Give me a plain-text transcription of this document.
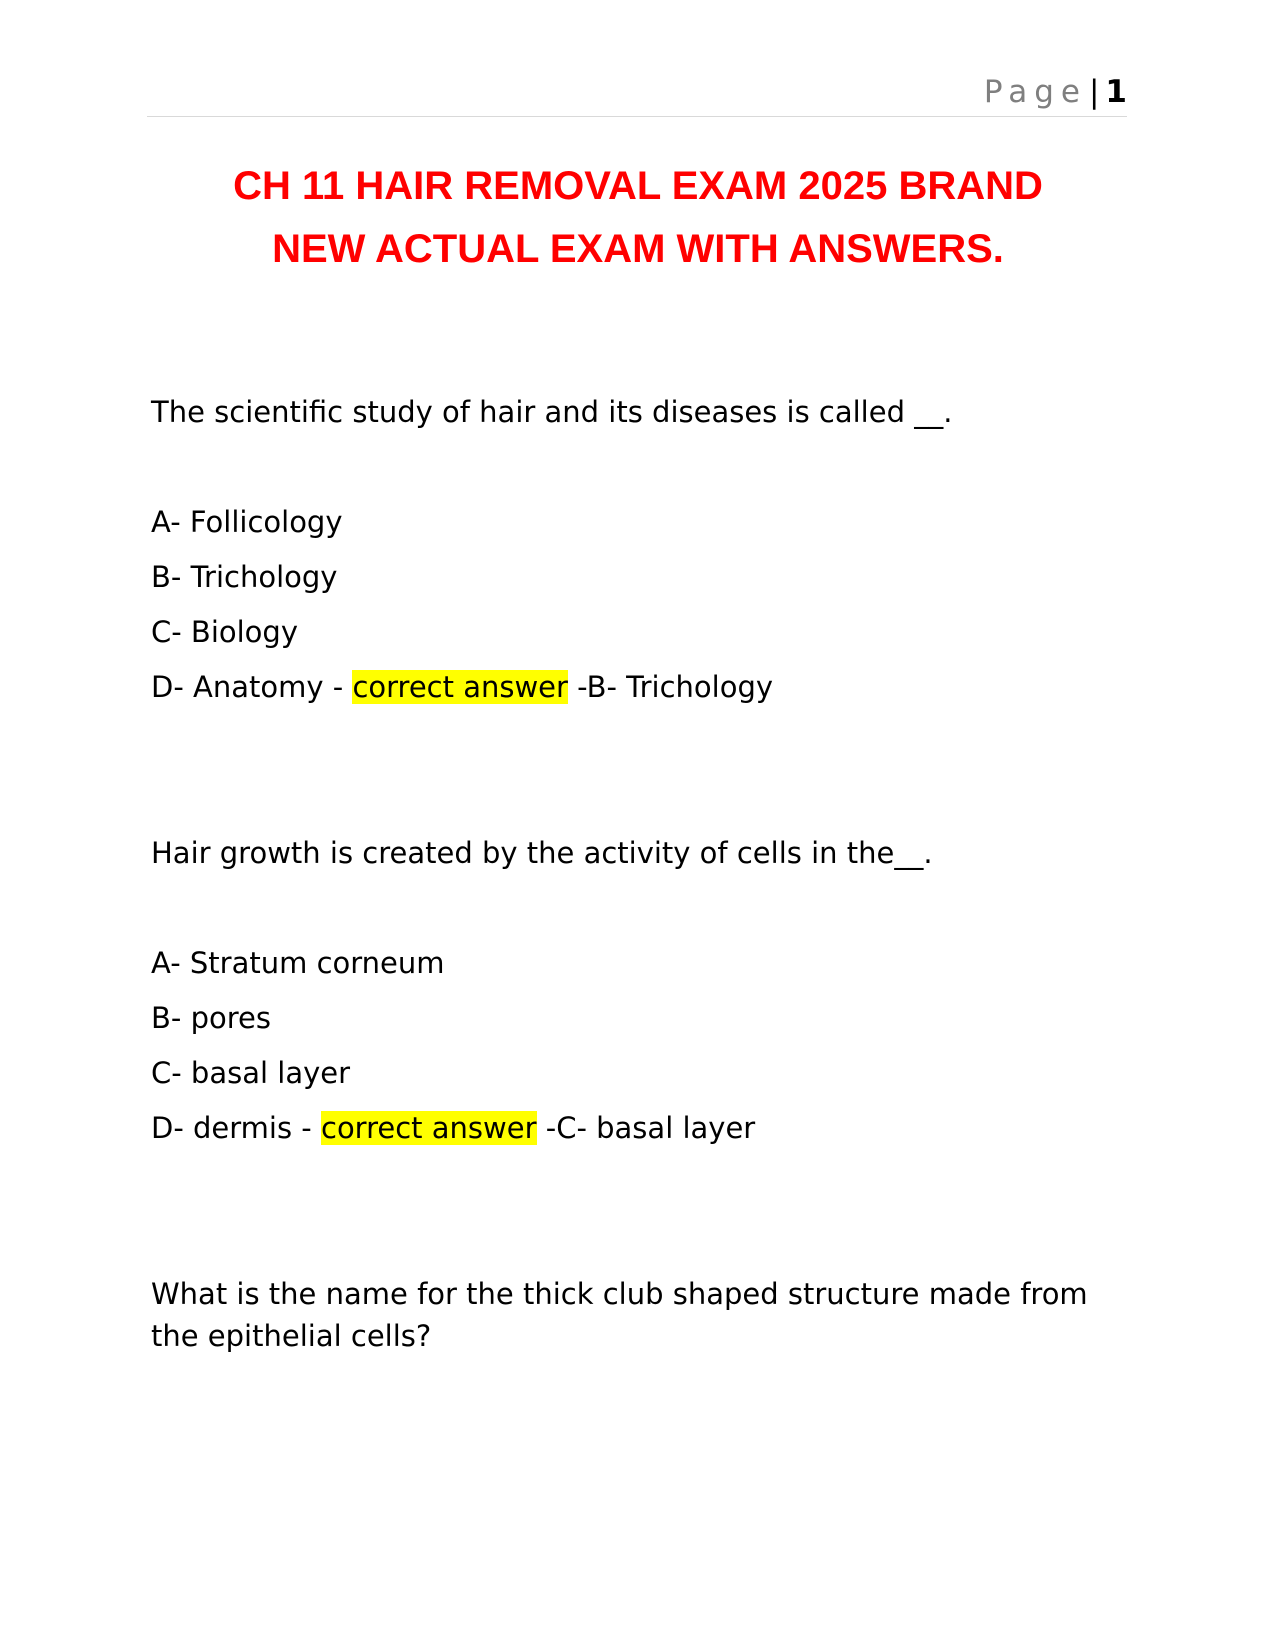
Page| 1
CH 11 HAIR REMOVAL EXAM 2025 BRAND
NEW ACTUAL EXAM WITH ANSWERS.

The scientific study of hair and its diseases is called __.

A- Follicology

B- Trichology

C- Biology

D- Anatomy - correct answer -B- Trichology

Hair growth is created by the activity of cells in the__.

A- Stratum corneum

B- pores

C- basal layer

D- dermis - correct answer -C- basal layer

What is the name for the thick club shaped structure made from the epithelial cells?
